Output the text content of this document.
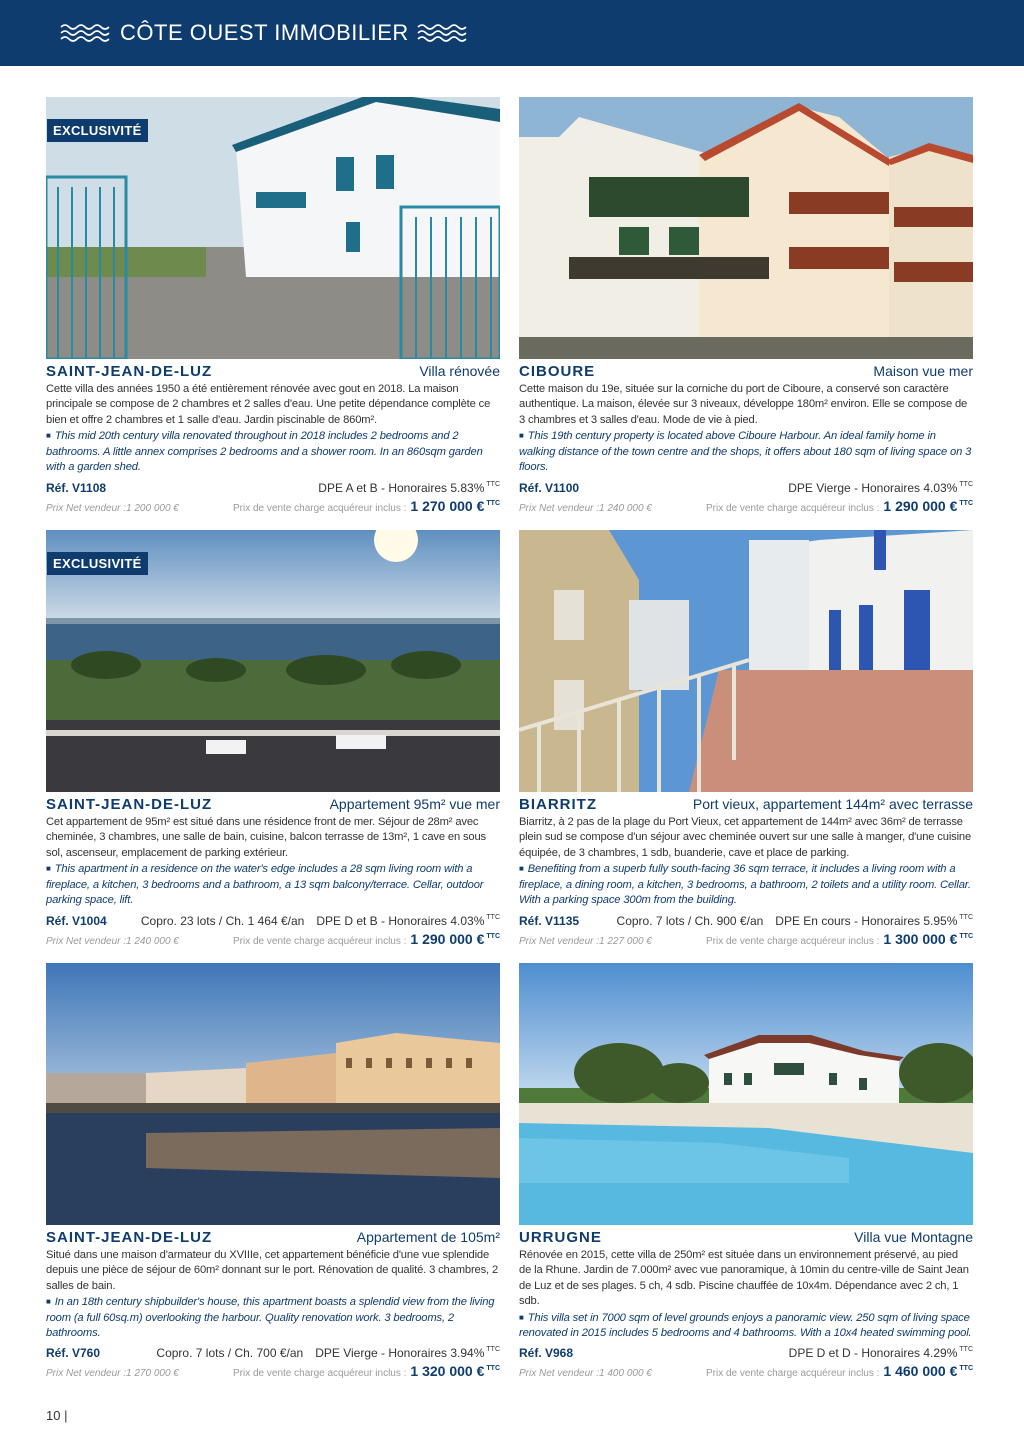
CÔTE OUEST IMMOBILIER
EXCLUSIVITÉ
SAINT-JEAN-DE-LUZ	Villa rénovée
Cette villa des années 1950 a été entièrement rénovée avec gout en 2018. La maison principale se compose de 2 chambres et 2 salles d'eau. Une petite dépendance complète ce bien et offre 2 chambres et 1 salle d'eau. Jardin piscinable de 860m².
■ This mid 20th century villa renovated throughout in 2018 includes 2 bedrooms and 2 bathrooms. A little annex comprises 2 bedrooms and a shower room. In an 860sqm garden with a garden shed.
Réf. V1108	DPE A et B - Honoraires 5.83% $^{TTC}$
Prix Net vendeur :1 200 000 €	Prix de vente charge acquéreur inclus : 1 270 000 € $^{TTC}$
CIBOURE	Maison vue mer
Cette maison du 19e, située sur la corniche du port de Ciboure, a conservé son caractère authentique. La maison, élevée sur 3 niveaux, développe 180m² environ. Elle se compose de 3 chambres et 3 salles d'eau. Mode de vie à pied.
■ This 19th century property is located above Ciboure Harbour. An ideal family home in walking distance of the town centre and the shops, it offers about 180 sqm of living space on 3 floors.
Réf. V1100	DPE Vierge - Honoraires 4.03% $^{TTC}$
Prix Net vendeur :1 240 000 €	Prix de vente charge acquéreur inclus : 1 290 000 € $^{TTC}$
EXCLUSIVITÉ
SAINT-JEAN-DE-LUZ	Appartement 95m² vue mer
Cet appartement de 95m² est situé dans une résidence front de mer. Séjour de 28m² avec cheminée, 3 chambres, une salle de bain, cuisine, balcon terrasse de 13m², 1 cave en sous sol, ascenseur, emplacement de parking extérieur.
■ This apartment in a residence on the water's edge includes a 28 sqm living room with a fireplace, a kitchen, 3 bedrooms and a bathroom, a 13 sqm balcony/terrace. Cellar, outdoor parking space, lift.
Réf. V1004	Copro. 23 lots / Ch. 1 464 €/an DPE D et B - Honoraires 4.03% $^{TTC}$
Prix Net vendeur :1 240 000 €	Prix de vente charge acquéreur inclus : 1 290 000 € $^{TTC}$
BIARRITZ	Port vieux, appartement 144m² avec terrasse
Biarritz, à 2 pas de la plage du Port Vieux, cet appartement de 144m² avec 36m² de terrasse plein sud se compose d'un séjour avec cheminée ouvert sur une salle à manger, d'une cuisine équipée, de 3 chambres, 1 sdb, buanderie, cave et place de parking.
■ Benefiting from a superb fully south-facing 36 sqm terrace, it includes a living room with a fireplace, a dining room, a kitchen, 3 bedrooms, a bathroom, 2 toilets and a utility room. Cellar. With a parking space 300m from the building.
Réf. V1135	Copro. 7 lots / Ch. 900 €/an DPE En cours - Honoraires 5.95% $^{TTC}$
Prix Net vendeur :1 227 000 €	Prix de vente charge acquéreur inclus : 1 300 000 € $^{TTC}$
SAINT-JEAN-DE-LUZ	Appartement de 105m²
Situé dans une maison d'armateur du XVIIIe, cet appartement bénéficie d'une vue splendide depuis une pièce de séjour de 60m² donnant sur le port. Rénovation de qualité. 3 chambres, 2 salles de bain.
■ In an 18th century shipbuilder's house, this apartment boasts a splendid view from the living room (a full 60sq.m) overlooking the harbour. Quality renovation work. 3 bedrooms, 2 bathrooms.
Réf. V760	Copro. 7 lots / Ch. 700 €/an DPE Vierge - Honoraires 3.94% $^{TTC}$
Prix Net vendeur :1 270 000 €	Prix de vente charge acquéreur inclus : 1 320 000 € $^{TTC}$
URRUGNE	Villa vue Montagne
Rénovée en 2015, cette villa de 250m² est située dans un environnement préservé, au pied de la Rhune. Jardin de 7.000m² avec vue panoramique, à 10min du centre-ville de Saint Jean de Luz et de ses plages. 5 ch, 4 sdb. Piscine chauffée de 10x4m. Dépendance avec 2 ch, 1 sdb.
■ This villa set in 7000 sqm of level grounds enjoys a panoramic view. 250 sqm of living space renovated in 2015 includes 5 bedrooms and 4 bathrooms. With a 10x4 heated swimming pool.
Réf. V968	DPE D et D - Honoraires 4.29% $^{TTC}$
Prix Net vendeur :1 400 000 €	Prix de vente charge acquéreur inclus : 1 460 000 € $^{TTC}$
10 |
